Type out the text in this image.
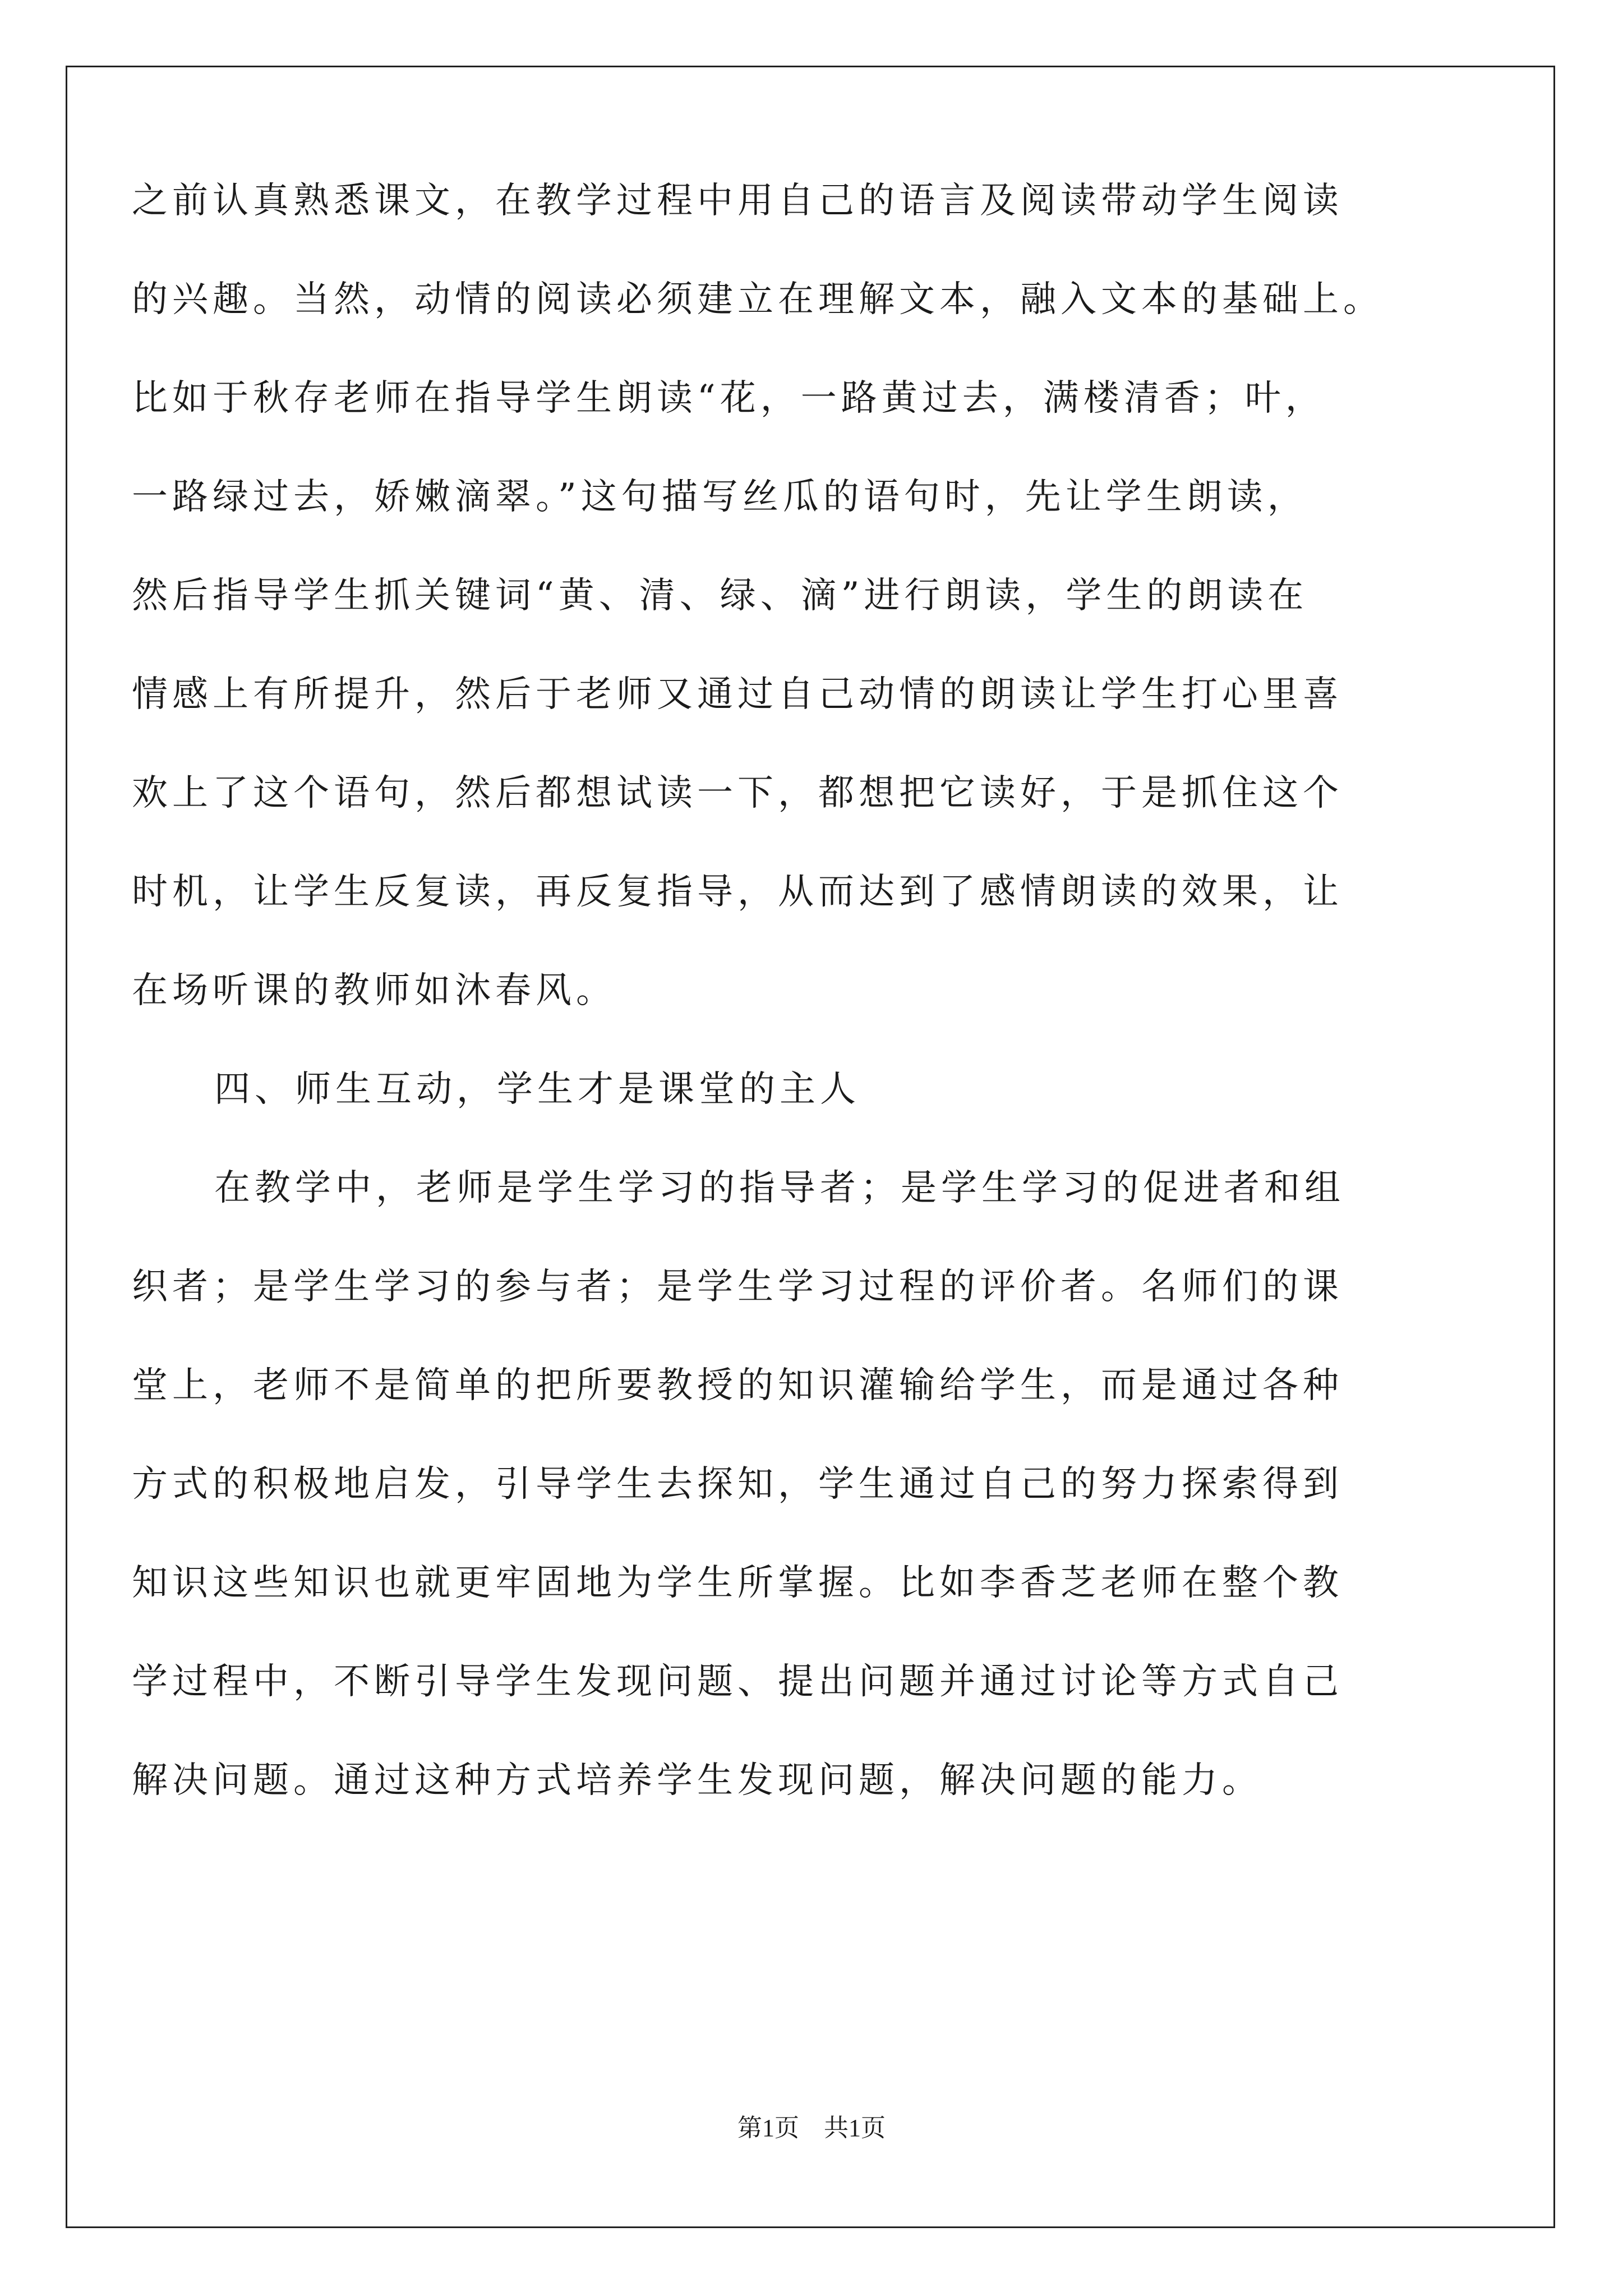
之前认真熟悉课文，在教学过程中用自己的语言及阅读带动学生阅读
的兴趣。当然，动情的阅读必须建立在理解文本，融入文本的基础上。
比如于秋存老师在指导学生朗读“花，一路黄过去，满楼清香；叶，
一路绿过去，娇嫩滴翠。”这句描写丝瓜的语句时，先让学生朗读，
然后指导学生抓关键词“黄、清、绿、滴”进行朗读，学生的朗读在
情感上有所提升，然后于老师又通过自己动情的朗读让学生打心里喜
欢上了这个语句，然后都想试读一下，都想把它读好，于是抓住这个
时机，让学生反复读，再反复指导，从而达到了感情朗读的效果，让
在场听课的教师如沐春风。
四、师生互动，学生才是课堂的主人
在教学中，老师是学生学习的指导者；是学生学习的促进者和组
织者；是学生学习的参与者；是学生学习过程的评价者。名师们的课
堂上，老师不是简单的把所要教授的知识灌输给学生，而是通过各种
方式的积极地启发，引导学生去探知，学生通过自己的努力探索得到
知识这些知识也就更牢固地为学生所掌握。比如李香芝老师在整个教
学过程中，不断引导学生发现问题、提出问题并通过讨论等方式自己
解决问题。通过这种方式培养学生发现问题，解决问题的能力。
第1页 共1页
